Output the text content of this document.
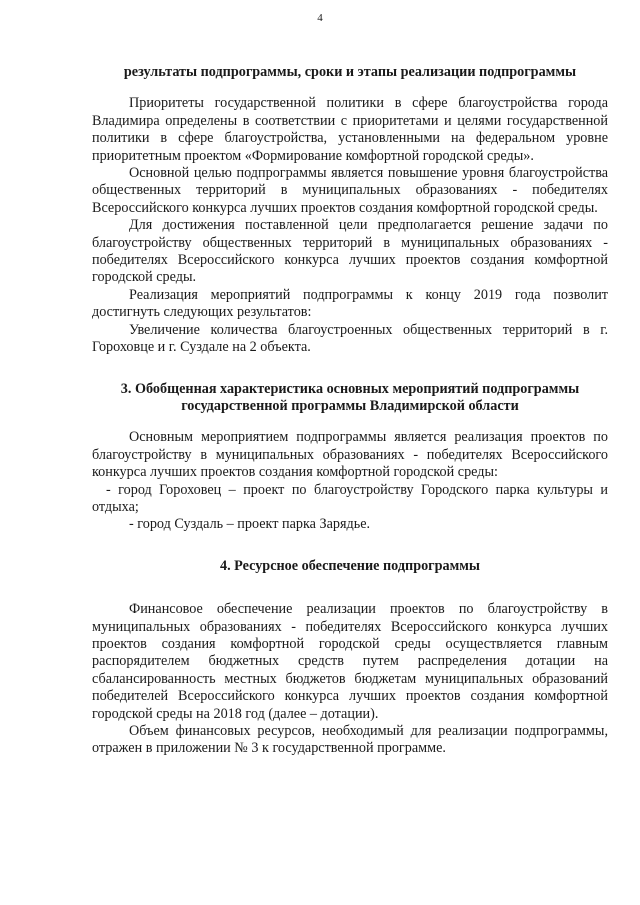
4
результаты подпрограммы, сроки и этапы реализации подпрограммы

Приоритеты государственной политики в сфере благоустройства города Владимира определены в соответствии с приоритетами и целями государственной политики в сфере благоустройства, установленными на федеральном уровне приоритетным проектом «Формирование комфортной городской среды».

Основной целью подпрограммы является повышение уровня благоустройства общественных территорий в муниципальных образованиях - победителях Всероссийского конкурса лучших проектов создания комфортной городской среды.

Для достижения поставленной цели предполагается решение задачи по благоустройству общественных территорий в муниципальных образованиях - победителях Всероссийского конкурса лучших проектов создания комфортной городской среды.

Реализация мероприятий подпрограммы к концу 2019 года позволит достигнуть следующих результатов:

Увеличение количества благоустроенных общественных территорий в г. Гороховце и г. Суздале на 2 объекта.

3. Обобщенная характеристика основных мероприятий подпрограммы государственной программы Владимирской области

Основным мероприятием подпрограммы является реализация проектов по благоустройству в муниципальных образованиях - победителях Всероссийского конкурса лучших проектов создания комфортной городской среды:

- город Гороховец – проект по благоустройству Городского парка культуры и отдыха;

- город Суздаль – проект парка Зарядье.

4. Ресурсное обеспечение подпрограммы

Финансовое обеспечение реализации проектов по благоустройству в муниципальных образованиях - победителях Всероссийского конкурса лучших проектов создания комфортной городской среды осуществляется главным распорядителем бюджетных средств путем распределения дотации на сбалансированность местных бюджетов бюджетам муниципальных образований победителей Всероссийского конкурса лучших проектов создания комфортной городской среды на 2018 год (далее – дотации).

Объем финансовых ресурсов, необходимый для реализации подпрограммы, отражен в приложении № 3 к государственной программе.
